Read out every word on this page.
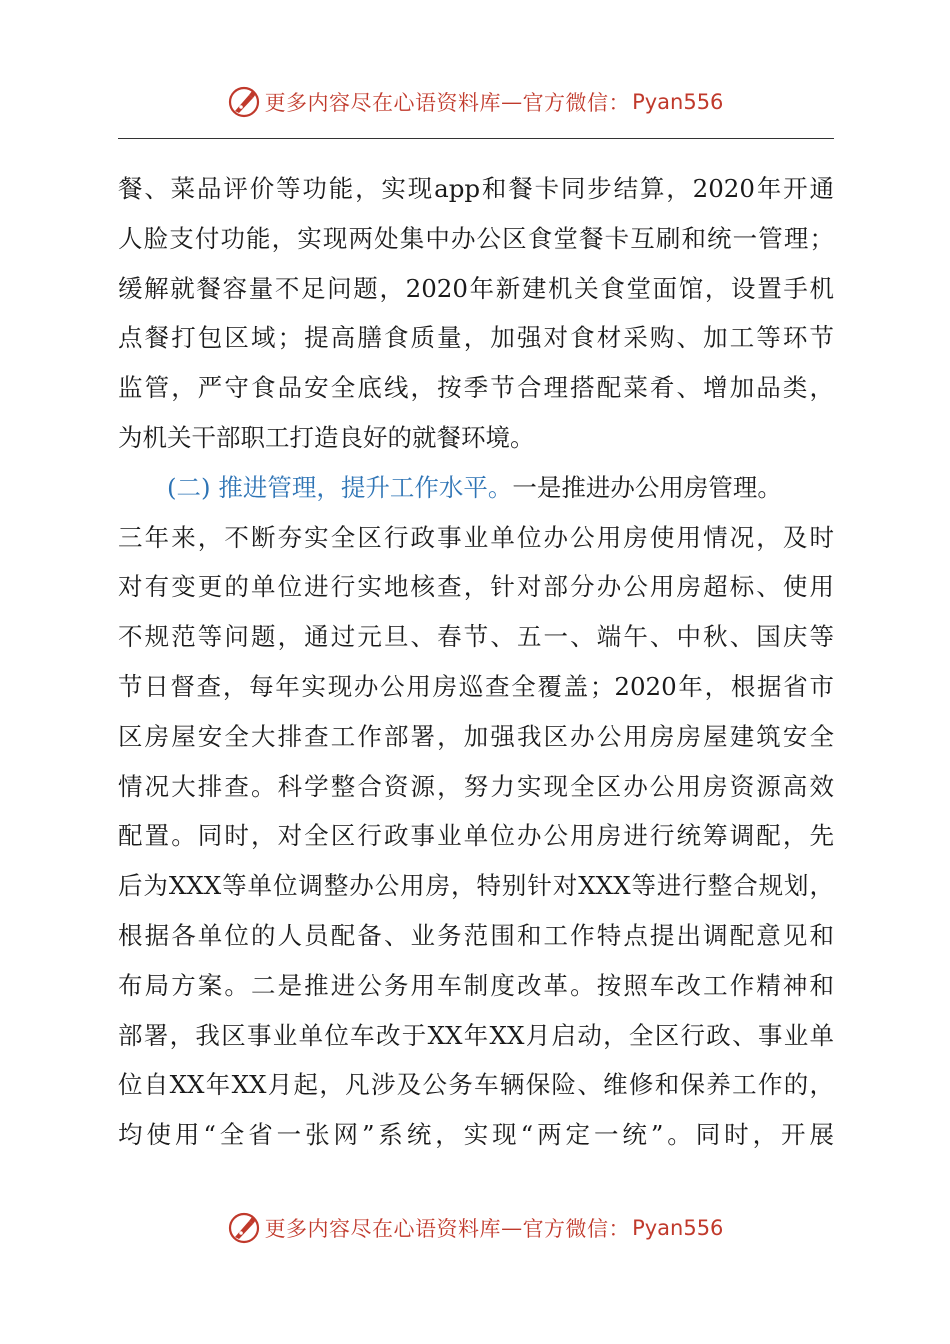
更多内容尽在心语资料库 — 官方微信： Pyan556
餐、菜品评价等功能，实现app和餐卡同步结算，2020年开通
人脸支付功能，实现两处集中办公区食堂餐卡互刷和统一管理；
缓解就餐容量不足问题，2020年新建机关食堂面馆，设置手机
点餐打包区域；提高膳食质量，加强对食材采购、加工等环节
监管，严守食品安全底线，按季节合理搭配菜肴、增加品类，
为机关干部职工打造良好的就餐环境。
(二) 推进管理，提升工作水平。一是推进办公用房管理。
三年来，不断夯实全区行政事业单位办公用房使用情况，及时
对有变更的单位进行实地核查，针对部分办公用房超标、使用
不规范等问题，通过元旦、春节、五一、端午、中秋、国庆等
节日督查，每年实现办公用房巡查全覆盖；2020年，根据省市
区房屋安全大排查工作部署，加强我区办公用房房屋建筑安全
情况大排查。科学整合资源，努力实现全区办公用房资源高效
配置。同时，对全区行政事业单位办公用房进行统筹调配，先
后为XXX等单位调整办公用房，特别针对XXX等进行整合规划，
根据各单位的人员配备、业务范围和工作特点提出调配意见和
布局方案。二是推进公务用车制度改革。按照车改工作精神和
部署，我区事业单位车改于XX年XX月启动，全区行政、事业单
位自XX年XX月起，凡涉及公务车辆保险、维修和保养工作的，
均使用“全省一张网”系统，实现“两定一统”。同时，开展
更多内容尽在心语资料库 — 官方微信： Pyan556
